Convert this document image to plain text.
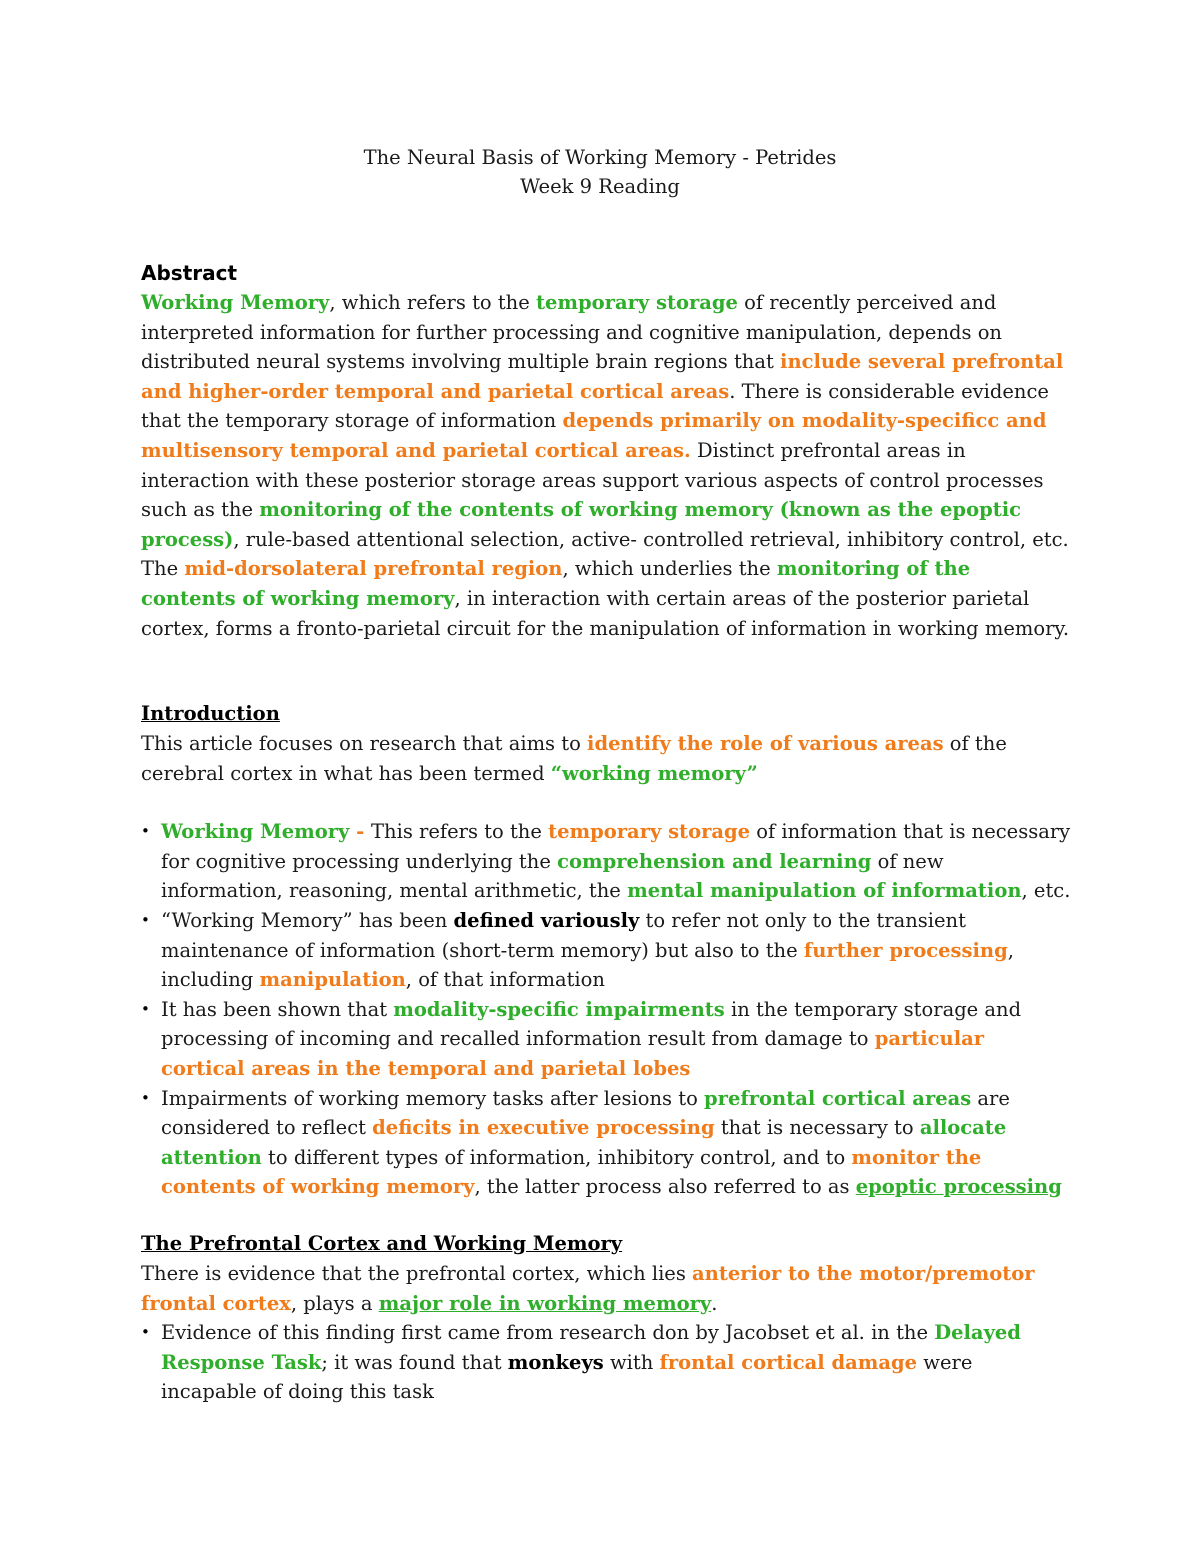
The Neural Basis of Working Memory - Petrides
Week 9 Reading
Abstract

Working Memory, which refers to the temporary storage of recently perceived and interpreted information for further processing and cognitive manipulation, depends on distributed neural systems involving multiple brain regions that include several prefrontal and higher-order temporal and parietal cortical areas. There is considerable evidence that the temporary storage of information depends primarily on modality-specificc and multisensory temporal and parietal cortical areas. Distinct prefrontal areas in interaction with these posterior storage areas support various aspects of control processes such as the monitoring of the contents of working memory (known as the epoptic process), rule-based attentional selection, active- controlled retrieval, inhibitory control, etc. The mid-dorsolateral prefrontal region, which underlies the monitoring of the contents of working memory, in interaction with certain areas of the posterior parietal cortex, forms a fronto-parietal circuit for the manipulation of information in working memory.

Introduction

This article focuses on research that aims to identify the role of various areas of the cerebral cortex in what has been termed “working memory”

• Working Memory - This refers to the temporary storage of information that is necessary for cognitive processing underlying the comprehension and learning of new information, reasoning, mental arithmetic, the mental manipulation of information, etc.
• “Working Memory” has been defined variously to refer not only to the transient maintenance of information (short-term memory) but also to the further processing, including manipulation, of that information
• It has been shown that modality-specific impairments in the temporary storage and processing of incoming and recalled information result from damage to particular cortical areas in the temporal and parietal lobes
• Impairments of working memory tasks after lesions to prefrontal cortical areas are considered to reflect deficits in executive processing that is necessary to allocate attention to different types of information, inhibitory control, and to monitor the contents of working memory, the latter process also referred to as epoptic processing
The Prefrontal Cortex and Working Memory

There is evidence that the prefrontal cortex, which lies anterior to the motor/premotor frontal cortex, plays a major role in working memory.

• Evidence of this finding first came from research don by Jacobset et al. in the Delayed Response Task; it was found that monkeys with frontal cortical damage were incapable of doing this task
